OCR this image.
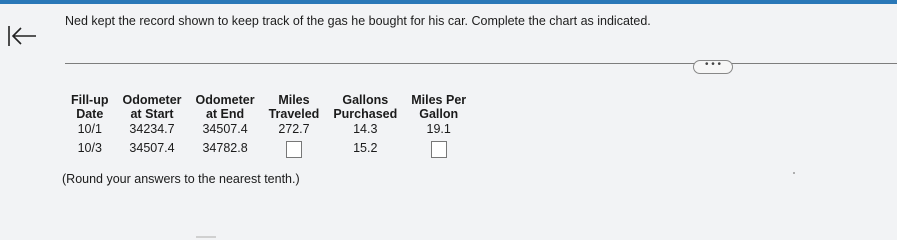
Ned kept the record shown to keep track of the gas he bought for his car. Complete the chart as indicated.
• • •
Fill-up	Odometer	Odometer	Miles	Gallons	Miles Per
Date	at Start	at End	Traveled	Purchased	Gallon
10/1	34234.7	34507.4	272.7	14.3	19.1
10/3	34507.4	34782.8		15.2	
(Round your answers to the nearest tenth.)
